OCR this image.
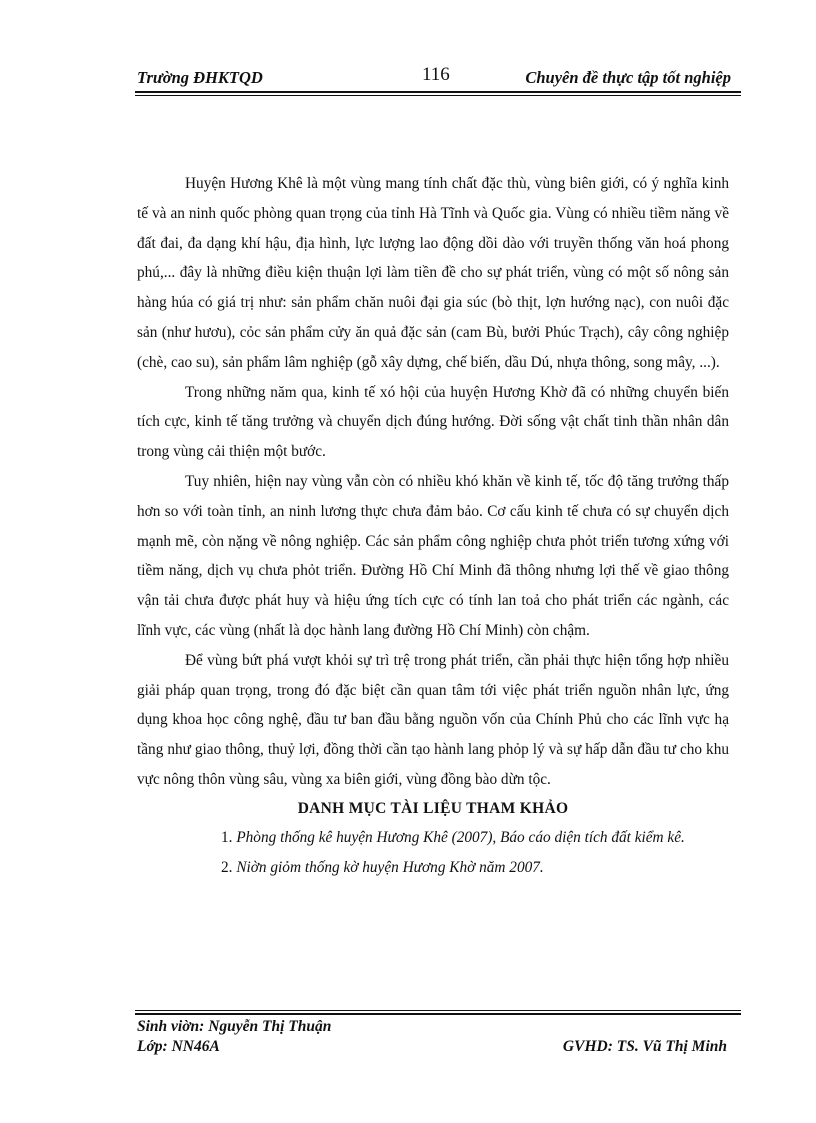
Trường ĐHKTQD	116	Chuyên đề thực tập tốt nghiệp

Huyện Hương Khê là một vùng mang tính chất đặc thù, vùng biên giới, có ý nghĩa kinh tế và an ninh quốc phòng quan trọng của tỉnh Hà Tĩnh và Quốc gia. Vùng có nhiều tiềm năng về đất đai, đa dạng khí hậu, địa hình, lực lượng lao động dồi dào với truyền thống văn hoá phong phú,... đây là những điều kiện thuận lợi làm tiền đề cho sự phát triển, vùng có một số nông sản hàng húa có giá trị như: sản phẩm chăn nuôi đại gia súc (bò thịt, lợn hướng nạc), con nuôi đặc sản (như hươu), cỏc sản phẩm cửy ăn quả đặc sản (cam Bù, bưởi Phúc Trạch), cây công nghiệp (chè, cao su), sản phẩm lâm nghiệp (gỗ xây dựng, chế biến, dầu Dú, nhựa thông, song mây, ...).

Trong những năm qua, kinh tế xó hội của huyện Hương Khờ đã có những chuyển biến tích cực, kinh tế tăng trưởng và chuyển dịch đúng hướng. Đời sống vật chất tinh thần nhân dân trong vùng cải thiện một bước.

Tuy nhiên, hiện nay vùng vẫn còn có nhiều khó khăn về kinh tế, tốc độ tăng trưởng thấp hơn so với toàn tỉnh, an ninh lương thực chưa đảm bảo. Cơ cấu kinh tế chưa có sự chuyển dịch mạnh mẽ, còn nặng về nông nghiệp. Các sản phẩm công nghiệp chưa phỏt triển tương xứng với tiềm năng, dịch vụ chưa phỏt triển. Đường Hồ Chí Minh đã thông nhưng lợi thế về giao thông vận tải chưa được phát huy và hiệu ứng tích cực có tính lan toả cho phát triển các ngành, các lĩnh vực, các vùng (nhất là dọc hành lang đường Hồ Chí Minh) còn chậm.

Để vùng bứt phá vượt khỏi sự trì trệ trong phát triển, cần phải thực hiện tổng hợp nhiều giải pháp quan trọng, trong đó đặc biệt cần quan tâm tới việc phát triển nguồn nhân lực, ứng dụng khoa học công nghệ, đầu tư ban đầu bằng nguồn vốn của Chính Phủ cho các lĩnh vực hạ tầng như giao thông, thuỷ lợi, đồng thời cần tạo hành lang phỏp lý và sự hấp dẫn đầu tư cho khu vực nông thôn vùng sâu, vùng xa biên giới, vùng đồng bào dừn tộc.

DANH MỤC TÀI LIỆU THAM KHẢO

1. Phòng thống kê huyện Hương Khê (2007), Báo cáo diện tích đất kiểm kê.

2. Niờn giỏm thống kờ huyện Hương Khờ năm 2007.

Sinh viờn: Nguyễn Thị Thuận
Lớp: NN46A	GVHD: TS. Vũ Thị Minh
